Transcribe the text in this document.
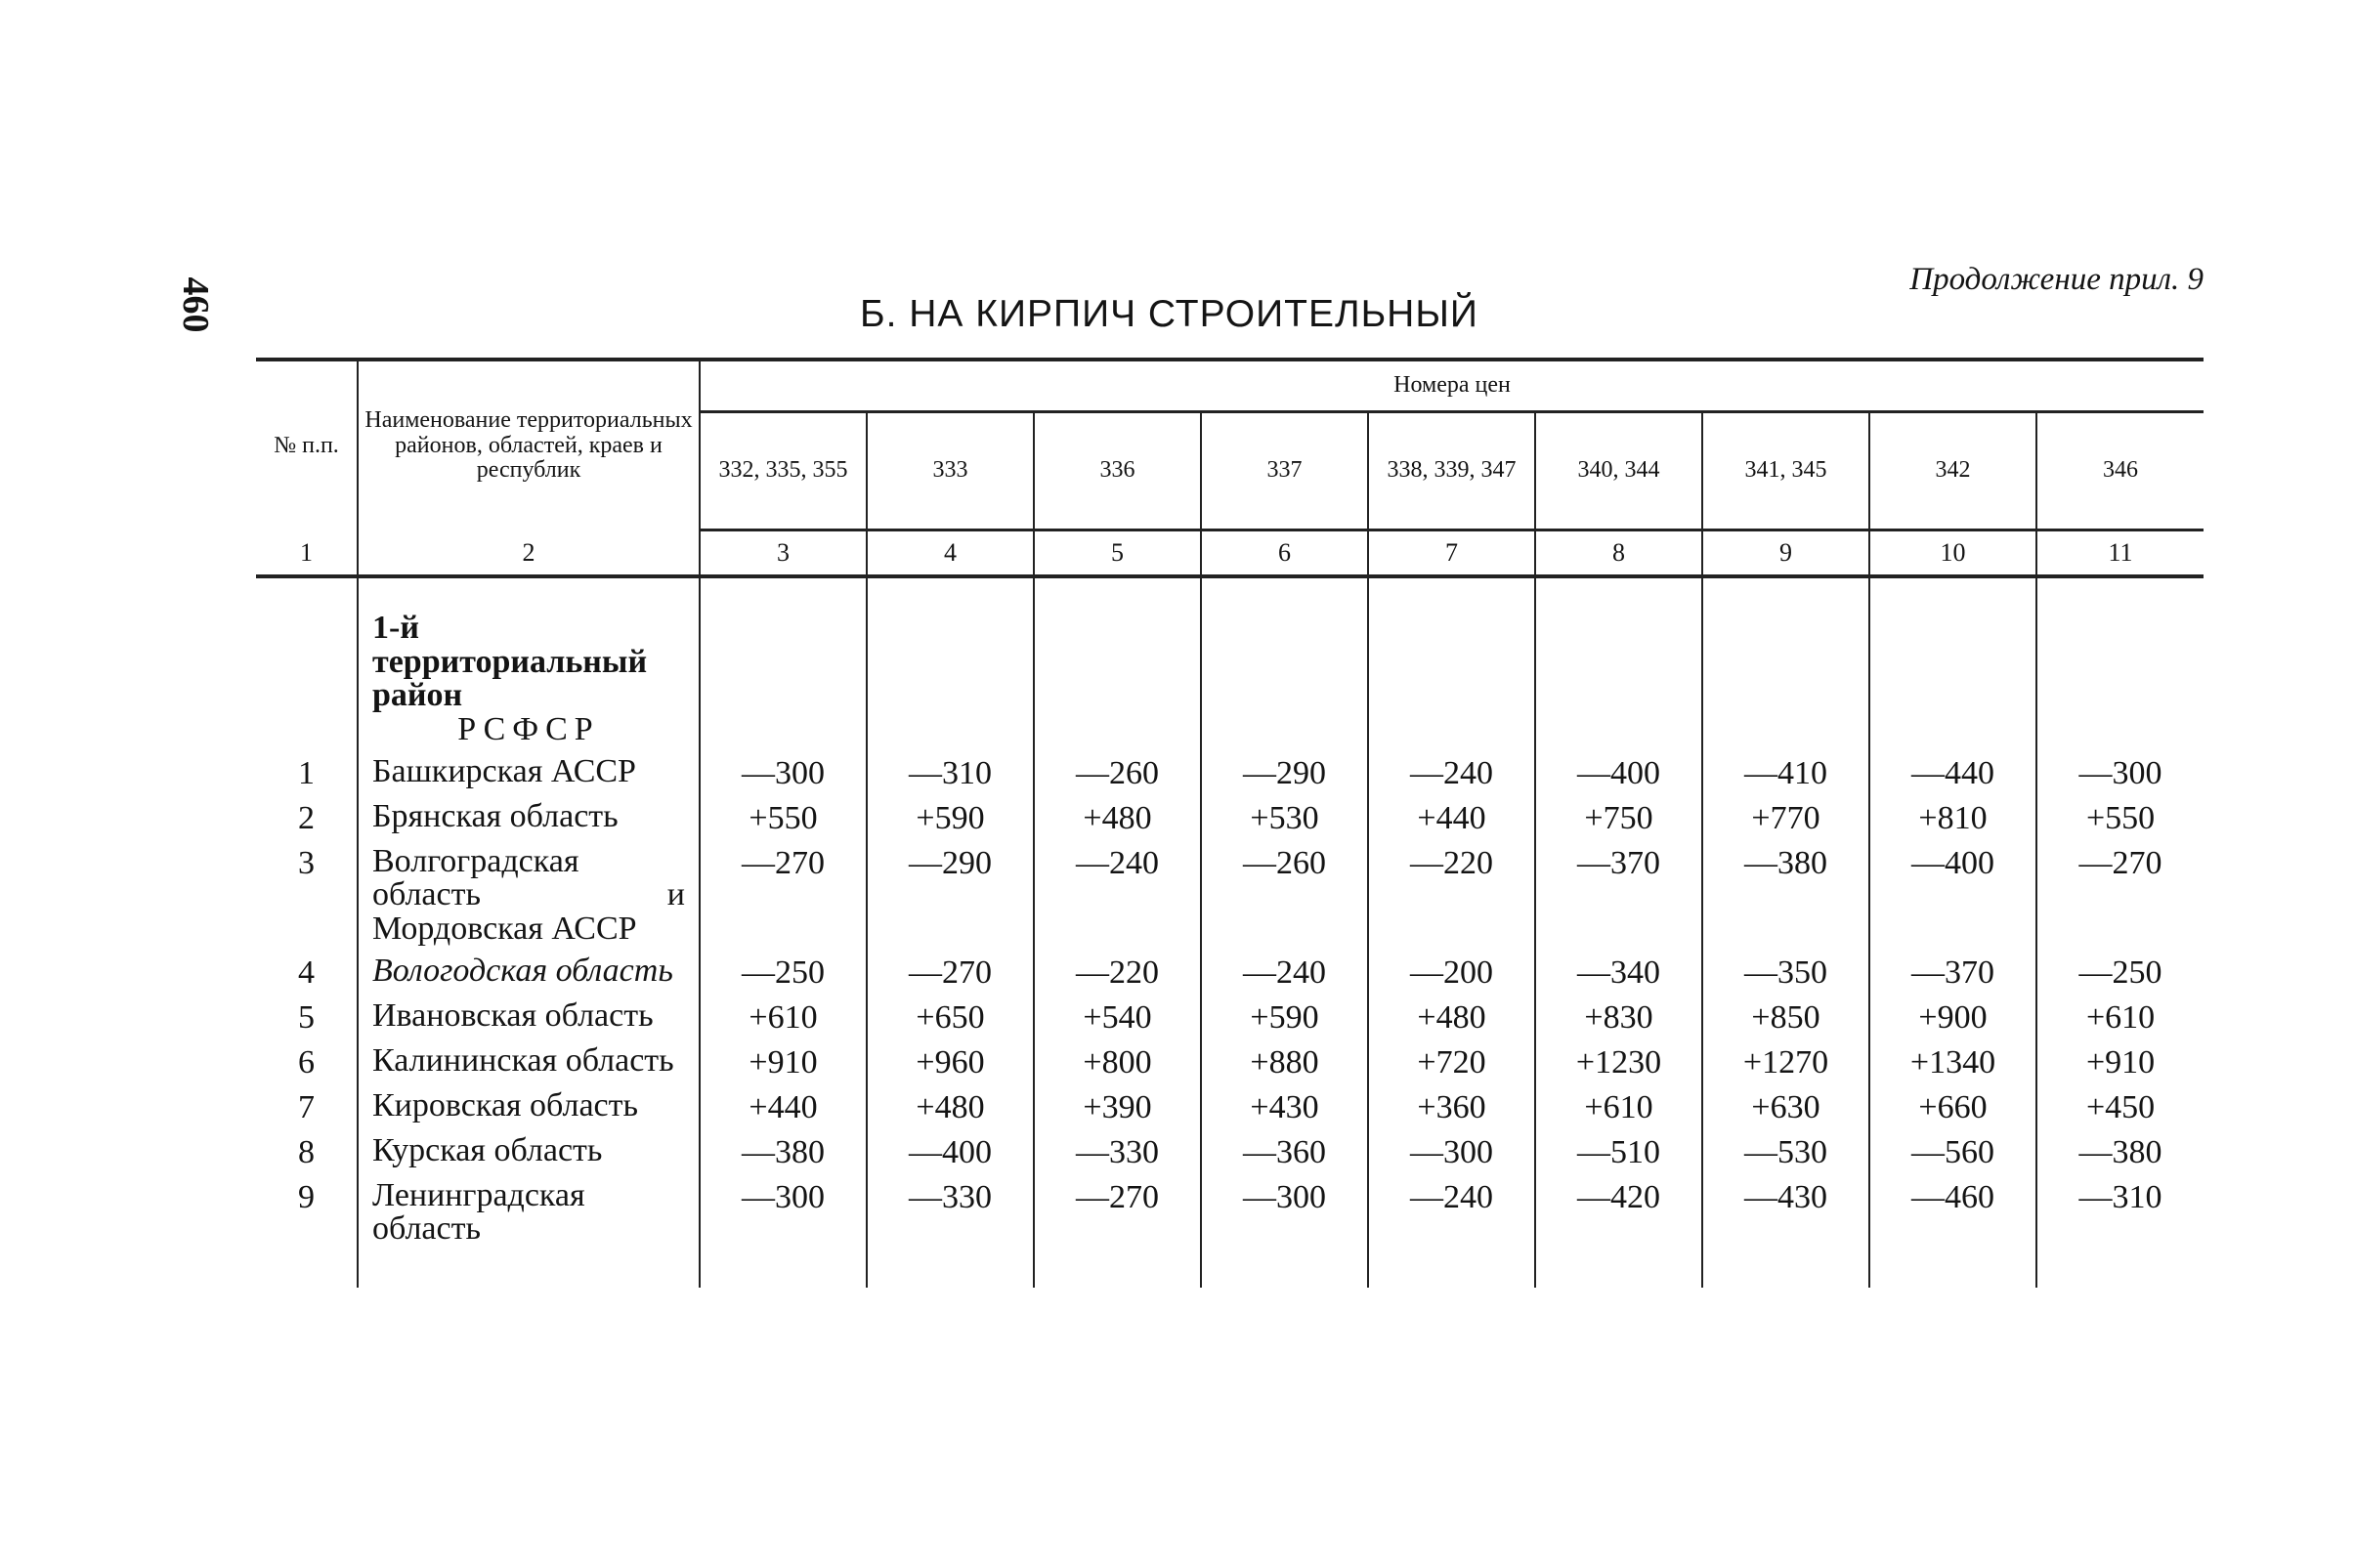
460	Продолжение прил. 9
Б. НА КИРПИЧ СТРОИТЕЛЬНЫЙ
№ п.п.	Наименование территориальных районов, областей, краев и республик	Номера цен								
		332, 335, 355	333	336	337	338, 339, 347	340, 344	341, 345	342	346
1	2	3	4	5	6	7	8	9	10	11

	1-й территориальный район									
	РСФСР									
1	Башкирская АССР	—300	—310	—260	—290	—240	—400	—410	—440	—300
2	Брянская область	+550	+590	+480	+530	+440	+750	+770	+810	+550
3	Волгоградская область и Мордовская АССР	—270	—290	—240	—260	—220	—370	—380	—400	—270
4	Вологодская область	—250	—270	—220	—240	—200	—340	—350	—370	—250
5	Ивановская область	+610	+650	+540	+590	+480	+830	+850	+900	+610
6	Калининская область	+910	+960	+800	+880	+720	+1230	+1270	+1340	+910
7	Кировская область	+440	+480	+390	+430	+360	+610	+630	+660	+450
8	Курская область	—380	—400	—330	—360	—300	—510	—530	—560	—380
9	Ленинградская область	—300	—330	—270	—300	—240	—420	—430	—460	—310
